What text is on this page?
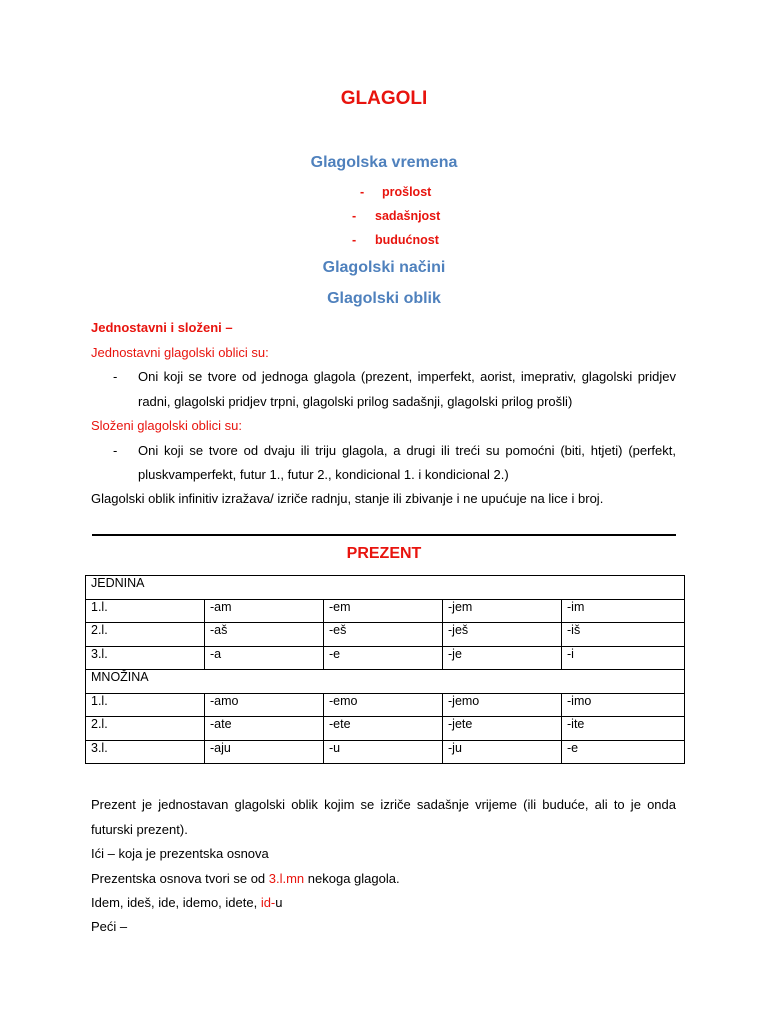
GLAGOLI
Glagolska vremena
- prošlost
- sadašnjost
- budućnost
Glagolski načini
Glagolski oblik
Jednostavni i složeni –
Jednostavni glagolski oblici su:
- Oni koji se tvore od jednoga glagola (prezent, imperfekt, aorist, imeprativ, glagolski pridjev
radni, glagolski pridjev trpni, glagolski prilog sadašnji, glagolski prilog prošli)
Složeni glagolski oblici su:
- Oni koji se tvore od dvaju ili triju glagola, a drugi ili treći su pomoćni (biti, htjeti) (perfekt,
pluskvamperfekt, futur 1., futur 2., kondicional 1. i kondicional 2.)
Glagolski oblik infinitiv izražava/ izriče radnju, stanje ili zbivanje i ne upućuje na lice i broj.
PREZENT
JEDNINA				
1.l.	-am	-em	-jem	-im
2.l.	-aš	-eš	-ješ	-iš
3.l.	-a	-e	-je	-i
MNOŽINA				
1.l.	-amo	-emo	-jemo	-imo
2.l.	-ate	-ete	-jete	-ite
3.l.	-aju	-u	-ju	-e
Prezent je jednostavan glagolski oblik kojim se izriče sadašnje vrijeme (ili buduće, ali to je onda
futurski prezent).
Ići – koja je prezentska osnova
Prezentska osnova tvori se od 3.l.mn nekoga glagola.
Idem, ideš, ide, idemo, idete, id-u
Peći –
